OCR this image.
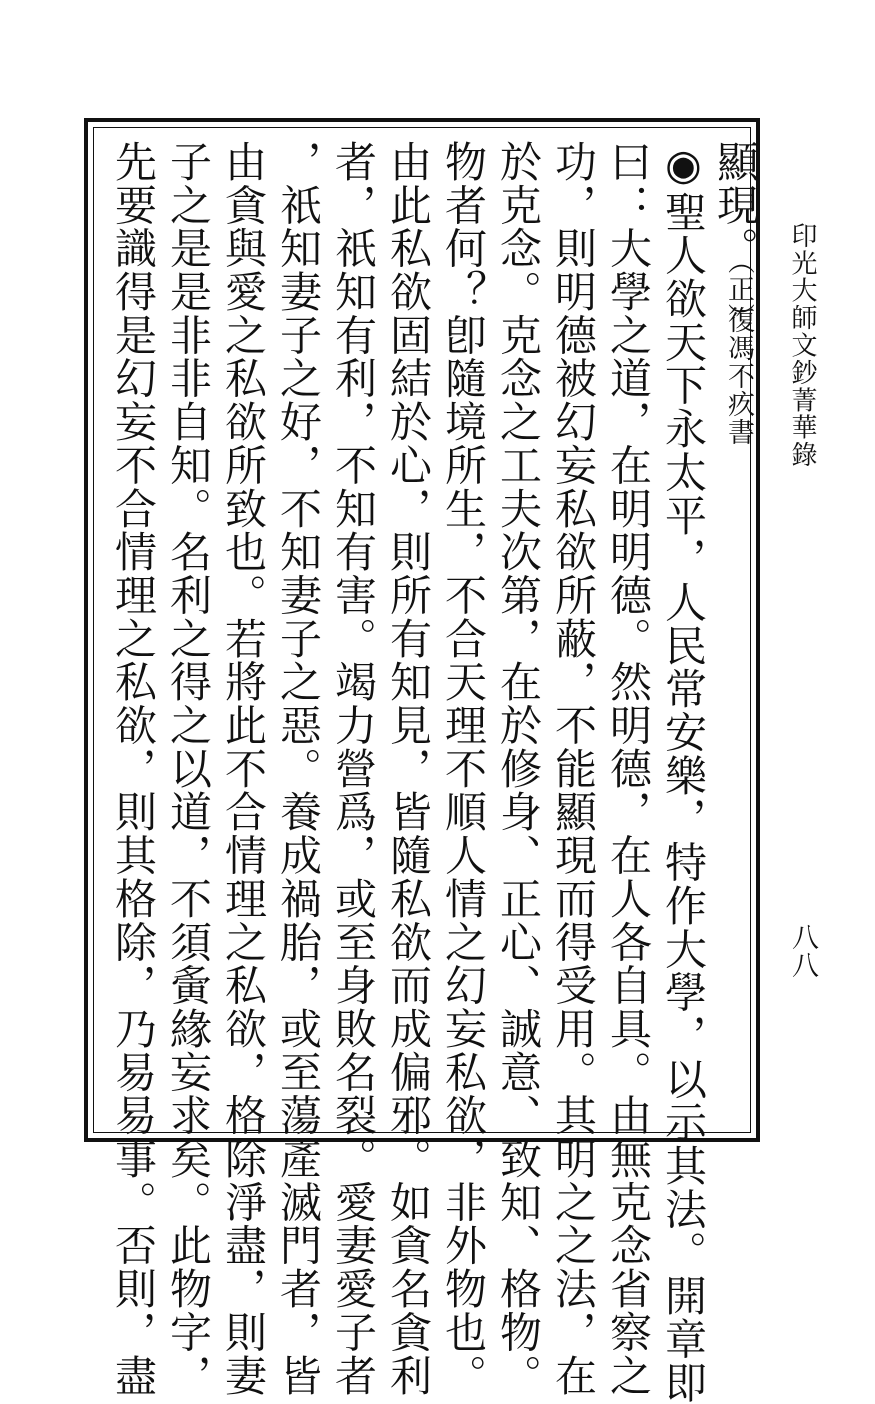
印光大師文鈔菁華錄
八八
顯現。
（正）
復馮不疚書
◉聖人欲天下永太平，人民常安樂，特作大學，以示其法。開章即
曰：大學之道，在明明德。然明德，在人各自具。由無克念省察之
功，則明德被幻妄私欲所蔽，不能顯現而得受用。其明之之法，在
於克念。克念之工夫次第，在於修身、正心、誠意、致知、格物。
物者何？卽隨境所生，不合天理不順人情之幻妄私欲，非外物也。
由此私欲固結於心，則所有知見，皆隨私欲而成偏邪。如貪名貪利
者，祇知有利，不知有害。竭力營爲，或至身敗名裂。愛妻愛子者
，祇知妻子之好，不知妻子之惡。養成禍胎，或至蕩產滅門者，皆
由貪與愛之私欲所致也。若將此不合情理之私欲，格除淨盡，則妻
子之是是非非自知。名利之得之以道，不須夤緣妄求矣。此物字，
先要識得是幻妄不合情理之私欲，則其格除，乃易易事。否則，盡
